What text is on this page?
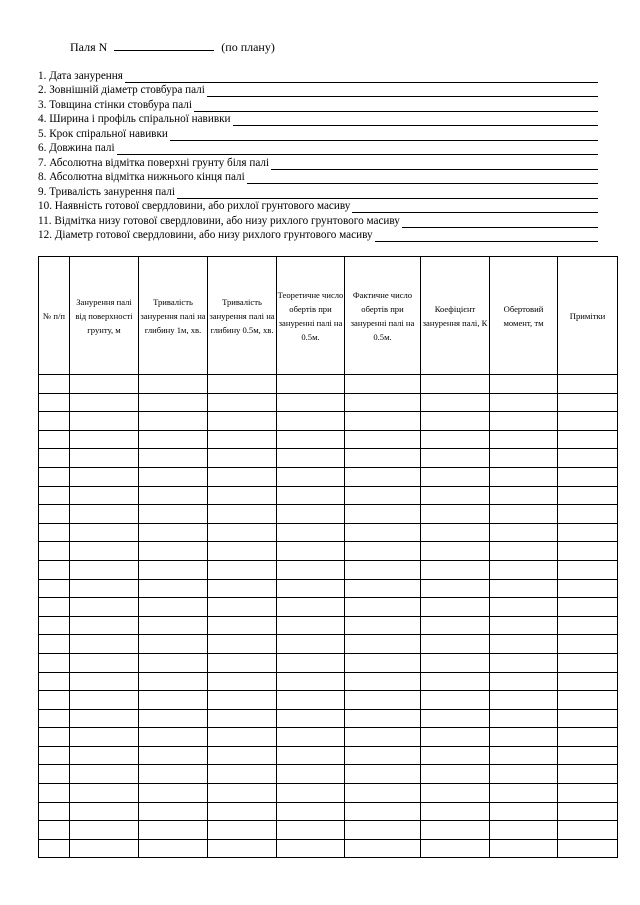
Паля N	(по плану)
1. Дата занурення
2. Зовнішній діаметр стовбура палі
3. Товщина стінки стовбура палі
4. Ширина і профіль спіральної навивки
5. Крок спіральної навивки
6. Довжина палі
7. Абсолютна відмітка поверхні грунту біля палі
8. Абсолютна відмітка нижнього кінця палі
9. Тривалість занурення палі
10. Наявність готової свердловини, або рихлої грунтового масиву
11. Відмітка низу готової свердловини, або низу рихлого грунтового масиву
12. Діаметр готової свердловини, або низу рихлого грунтового масиву
№ п/п	Занурення палі від поверхності грунту, м	Тривалість занурення палі на глибину 1м, хв.	Тривалість занурення палі на глибину 0.5м, хв.	Теоретичне число обертів при зануренні палі на 0.5м.	Фактичне число обертів при зануренні палі на 0.5м.	Коефіцієнт занурення палі, К	Обертовий момент, тм	Примітки
